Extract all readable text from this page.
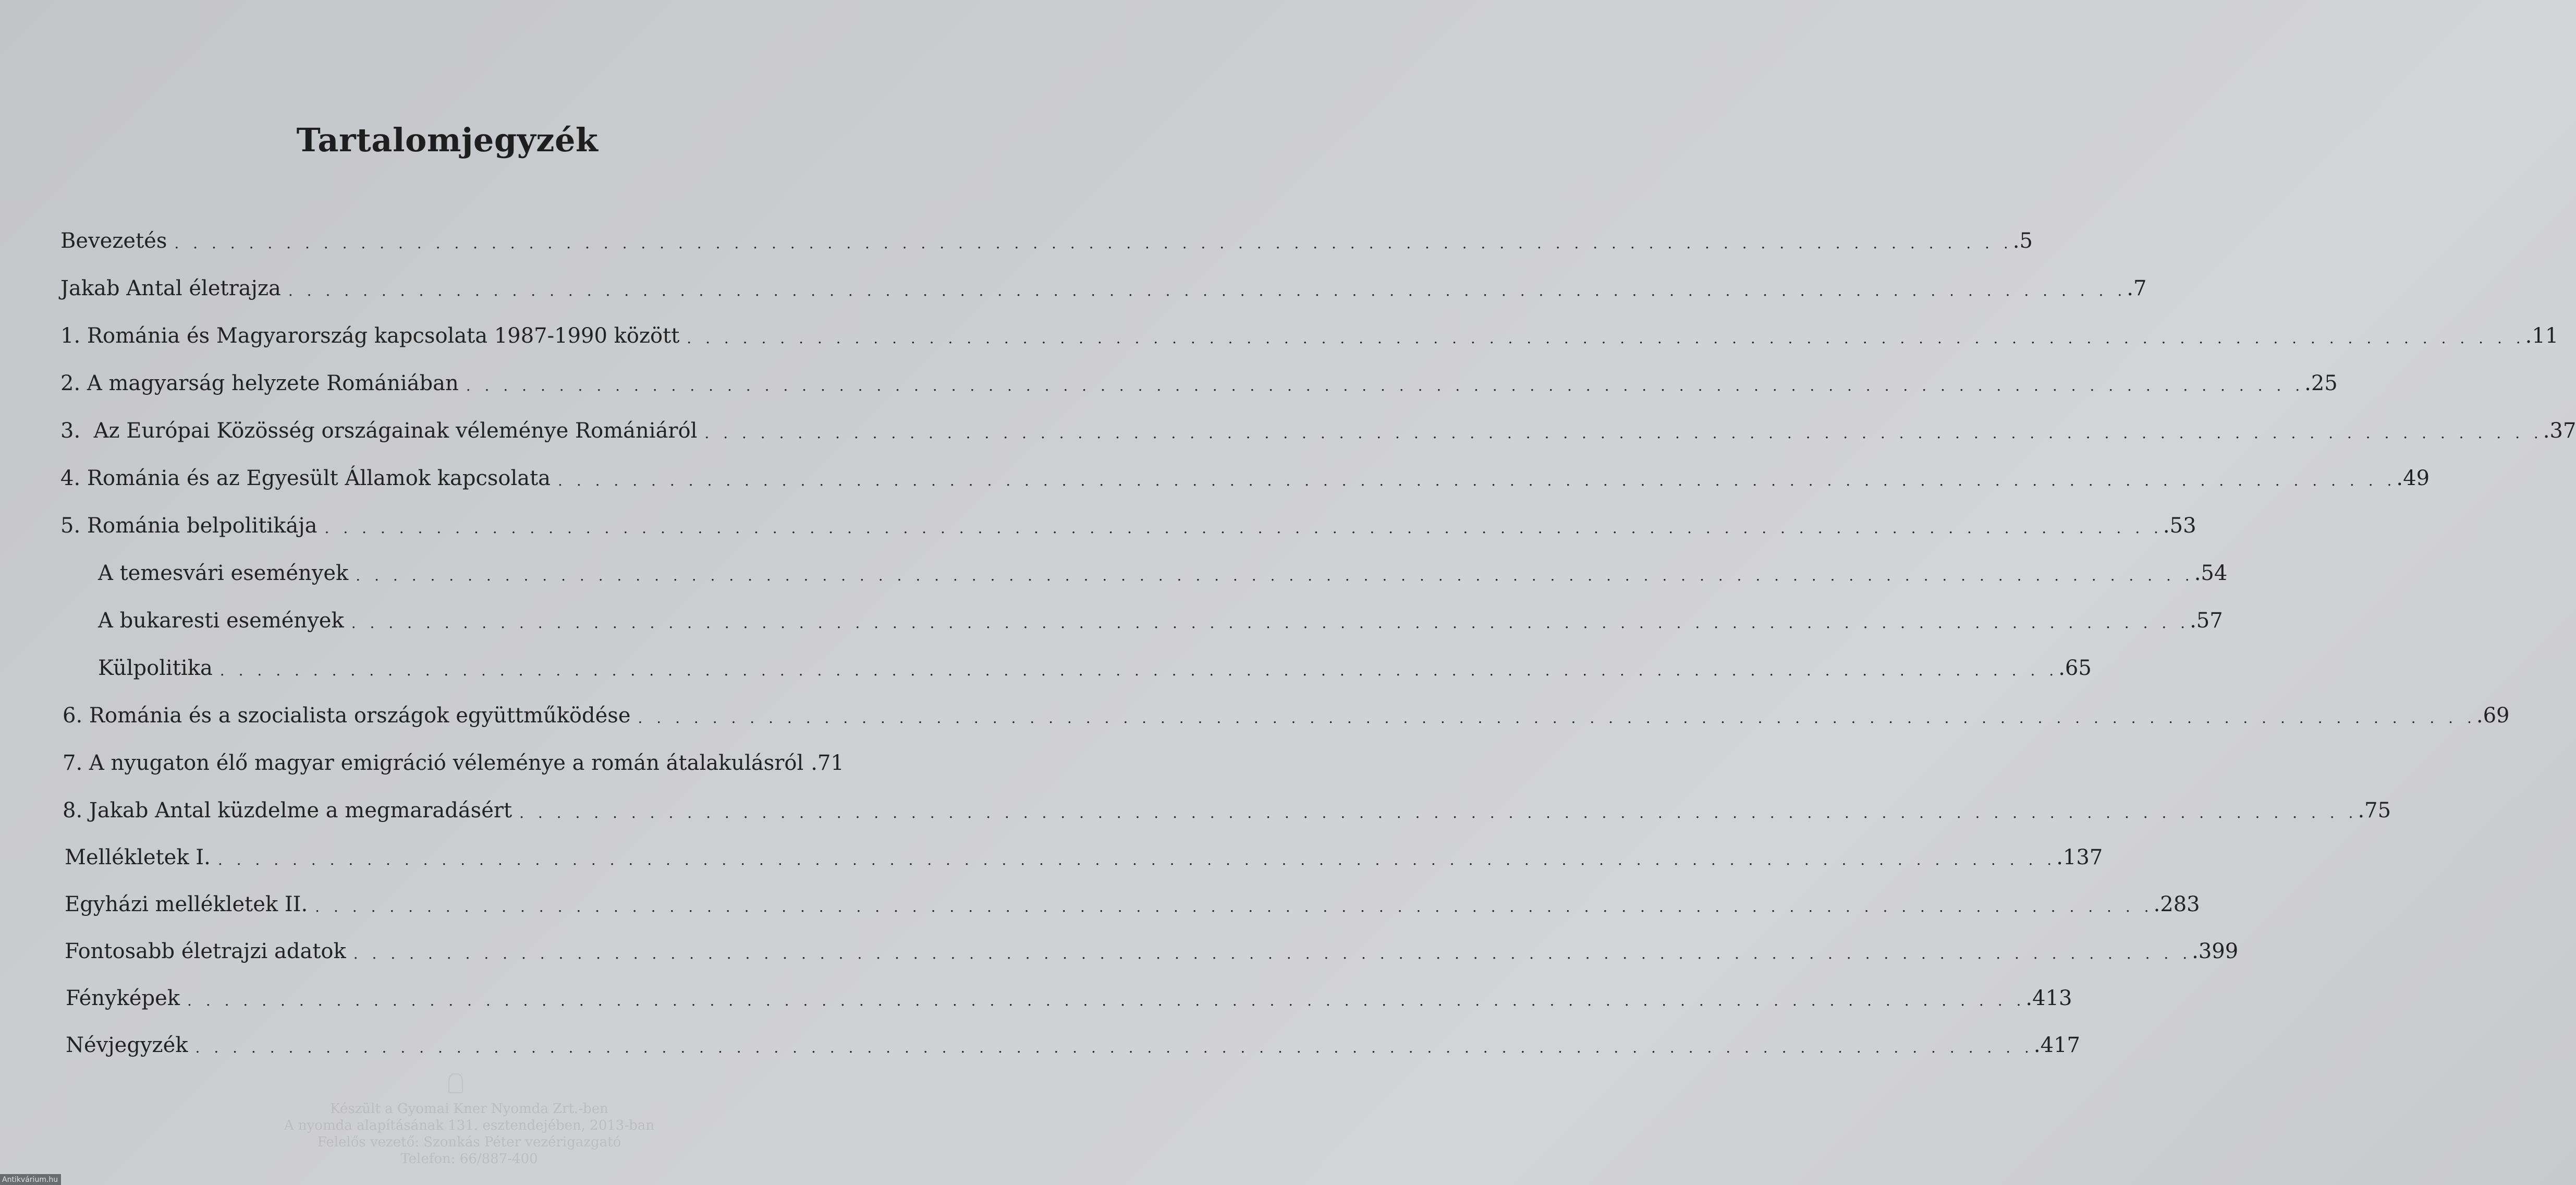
Tartalomjegyzék
Bevezetés . . . . . . . . . . . . . . . . . . . . . . . . . . . . . . . . . . . . . . . . . . . . . . . . . . . . . . . . . . . . . . . . . . . . . . . . . . . . . . . . . . . . . . . . . . . . . . . . . . . .5
Jakab Antal életrajza . . . . . . . . . . . . . . . . . . . . . . . . . . . . . . . . . . . . . . . . . . . . . . . . . . . . . . . . . . . . . . . . . . . . . . . . . . . . . . . . . . . . . . . . . . . . . . . . . . . .7
1. Románia és Magyarország kapcsolata 1987-1990 között . . . . . . . . . . . . . . . . . . . . . . . . . . . . . . . . . . . . . . . . . . . . . . . . . . . . . . . . . . . . . . . . . . . . . . . . . . . . . . . . . . . . . . . . . . . . . . . . . . . .11
2. A magyarság helyzete Romániában . . . . . . . . . . . . . . . . . . . . . . . . . . . . . . . . . . . . . . . . . . . . . . . . . . . . . . . . . . . . . . . . . . . . . . . . . . . . . . . . . . . . . . . . . . . . . . . . . . . .25
3.  Az Európai Közösség országainak véleménye Romániáról . . . . . . . . . . . . . . . . . . . . . . . . . . . . . . . . . . . . . . . . . . . . . . . . . . . . . . . . . . . . . . . . . . . . . . . . . . . . . . . . . . . . . . . . . . . . . . . . . . . .37
4. Románia és az Egyesült Államok kapcsolata . . . . . . . . . . . . . . . . . . . . . . . . . . . . . . . . . . . . . . . . . . . . . . . . . . . . . . . . . . . . . . . . . . . . . . . . . . . . . . . . . . . . . . . . . . . . . . . . . . . .49
5. Románia belpolitikája . . . . . . . . . . . . . . . . . . . . . . . . . . . . . . . . . . . . . . . . . . . . . . . . . . . . . . . . . . . . . . . . . . . . . . . . . . . . . . . . . . . . . . . . . . . . . . . . . . . .53
A temesvári események . . . . . . . . . . . . . . . . . . . . . . . . . . . . . . . . . . . . . . . . . . . . . . . . . . . . . . . . . . . . . . . . . . . . . . . . . . . . . . . . . . . . . . . . . . . . . . . . . . . .54
A bukaresti események . . . . . . . . . . . . . . . . . . . . . . . . . . . . . . . . . . . . . . . . . . . . . . . . . . . . . . . . . . . . . . . . . . . . . . . . . . . . . . . . . . . . . . . . . . . . . . . . . . . .57
Külpolitika . . . . . . . . . . . . . . . . . . . . . . . . . . . . . . . . . . . . . . . . . . . . . . . . . . . . . . . . . . . . . . . . . . . . . . . . . . . . . . . . . . . . . . . . . . . . . . . . . . . .65
6. Románia és a szocialista országok együttműködése . . . . . . . . . . . . . . . . . . . . . . . . . . . . . . . . . . . . . . . . . . . . . . . . . . . . . . . . . . . . . . . . . . . . . . . . . . . . . . . . . . . . . . . . . . . . . . . . . . . .69
7. A nyugaton élő magyar emigráció véleménye a román átalakulásról .71
8. Jakab Antal küzdelme a megmaradásért . . . . . . . . . . . . . . . . . . . . . . . . . . . . . . . . . . . . . . . . . . . . . . . . . . . . . . . . . . . . . . . . . . . . . . . . . . . . . . . . . . . . . . . . . . . . . . . . . . . .75
Mellékletek I. . . . . . . . . . . . . . . . . . . . . . . . . . . . . . . . . . . . . . . . . . . . . . . . . . . . . . . . . . . . . . . . . . . . . . . . . . . . . . . . . . . . . . . . . . . . . . . . . . . . .137
Egyházi mellékletek II. . . . . . . . . . . . . . . . . . . . . . . . . . . . . . . . . . . . . . . . . . . . . . . . . . . . . . . . . . . . . . . . . . . . . . . . . . . . . . . . . . . . . . . . . . . . . . . . . . . . .283
Fontosabb életrajzi adatok . . . . . . . . . . . . . . . . . . . . . . . . . . . . . . . . . . . . . . . . . . . . . . . . . . . . . . . . . . . . . . . . . . . . . . . . . . . . . . . . . . . . . . . . . . . . . . . . . . . .399
Fényképek . . . . . . . . . . . . . . . . . . . . . . . . . . . . . . . . . . . . . . . . . . . . . . . . . . . . . . . . . . . . . . . . . . . . . . . . . . . . . . . . . . . . . . . . . . . . . . . . . . . .413
Névjegyzék . . . . . . . . . . . . . . . . . . . . . . . . . . . . . . . . . . . . . . . . . . . . . . . . . . . . . . . . . . . . . . . . . . . . . . . . . . . . . . . . . . . . . . . . . . . . . . . . . . . .417
Készült a Gyomai Kner Nyomda Zrt.-ben
A nyomda alapításának 131. esztendejében, 2013-ban
Felelős vezető: Szonkás Péter vezérigazgató
Telefon: 66/887-400
Antikvárium.hu
